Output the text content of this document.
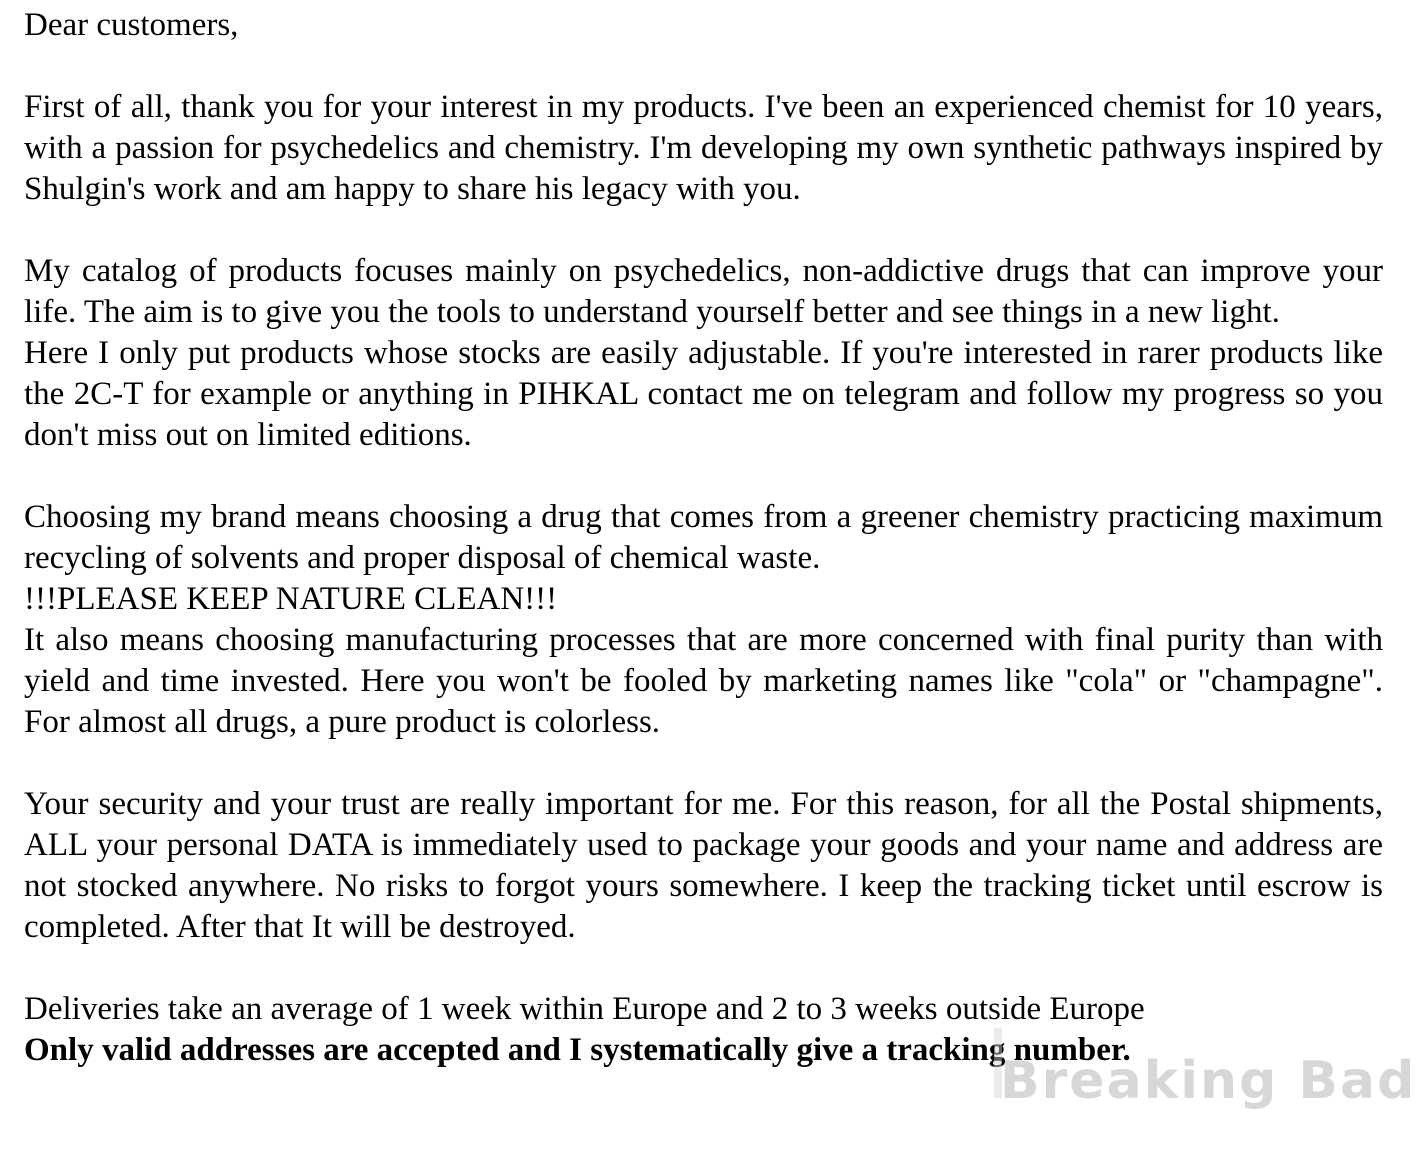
Dear customers,

First of all, thank you for your interest in my products. I've been an experienced chemist for 10 years, with a passion for psychedelics and chemistry. I'm developing my own synthetic pathways inspired by Shulgin's work and am happy to share his legacy with you.

My catalog of products focuses mainly on psychedelics, non-addictive drugs that can improve your life. The aim is to give you the tools to understand yourself better and see things in a new light.

Here I only put products whose stocks are easily adjustable. If you're interested in rarer products like the 2C-T for example or anything in PIHKAL contact me on telegram and follow my progress so you don't miss out on limited editions.

Choosing my brand means choosing a drug that comes from a greener chemistry practicing maximum recycling of solvents and proper disposal of chemical waste.

!!!PLEASE KEEP NATURE CLEAN!!!

It also means choosing manufacturing processes that are more concerned with final purity than with yield and time invested. Here you won't be fooled by marketing names like "cola" or "champagne". For almost all drugs, a pure product is colorless.

Your security and your trust are really important for me. For this reason, for all the Postal shipments, ALL your personal DATA is immediately used to package your goods and your name and address are not stocked anywhere. No risks to forgot yours somewhere. I keep the tracking ticket until escrow is completed. After that It will be destroyed.

Deliveries take an average of 1 week within Europe and 2 to 3 weeks outside Europe

Only valid addresses are accepted and I systematically give a tracking number.

Breaking Bad
